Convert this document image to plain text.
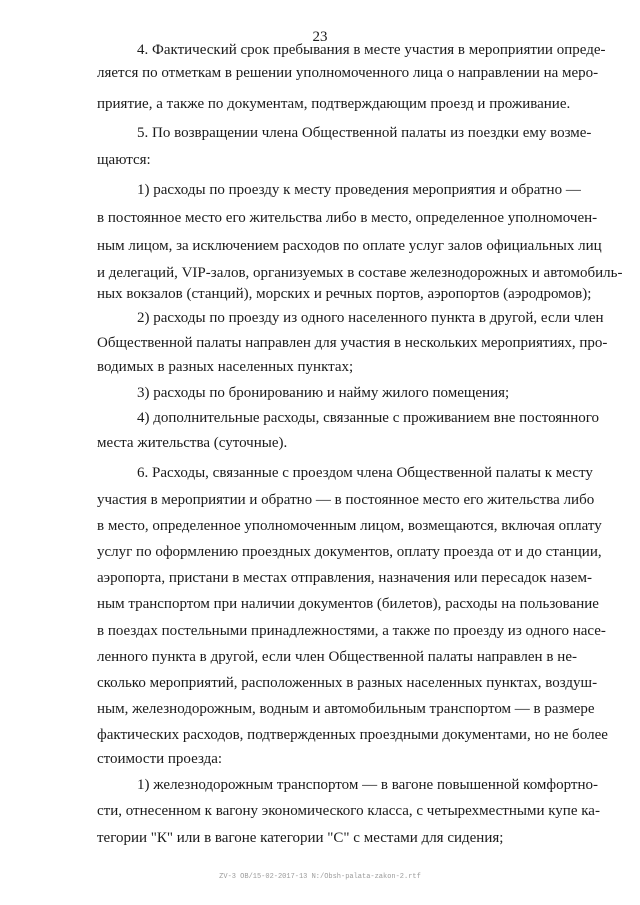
23
4. Фактический срок пребывания в месте участия в мероприятии опреде-
ляется по отметкам в решении уполномоченного лица о направлении на меро-
приятие, а также по документам, подтверждающим проезд и проживание.
5. По возвращении члена Общественной палаты из поездки ему возме-
щаются:
1) расходы по проезду к месту проведения мероприятия и обратно —
в постоянное место его жительства либо в место, определенное уполномочен-
ным лицом, за исключением расходов по оплате услуг залов официальных лиц
и делегаций, VIP-залов, организуемых в составе железнодорожных и автомобиль-
ных вокзалов (станций), морских и речных портов, аэропортов (аэродромов);
2) расходы по проезду из одного населенного пункта в другой, если член
Общественной палаты направлен для участия в нескольких мероприятиях, про-
водимых в разных населенных пунктах;
3) расходы по бронированию и найму жилого помещения;
4) дополнительные расходы, связанные с проживанием вне постоянного
места жительства (суточные).
6. Расходы, связанные с проездом члена Общественной палаты к месту
участия в мероприятии и обратно — в постоянное место его жительства либо
в место, определенное уполномоченным лицом, возмещаются, включая оплату
услуг по оформлению проездных документов, оплату проезда от и до станции,
аэропорта, пристани в местах отправления, назначения или пересадок назем-
ным транспортом при наличии документов (билетов), расходы на пользование
в поездах постельными принадлежностями, а также по проезду из одного насе-
ленного пункта в другой, если член Общественной палаты направлен в не-
сколько мероприятий, расположенных в разных населенных пунктах, воздуш-
ным, железнодорожным, водным и автомобильным транспортом — в размере
фактических расходов, подтвержденных проездными документами, но не более
стоимости проезда:
1) железнодорожным транспортом — в вагоне повышенной комфортно-
сти, отнесенном к вагону экономического класса, с четырехместными купе ка-
тегории "К" или в вагоне категории "С" с местами для сидения;
ZV-3 OB/15-02-2017-13 N:/Obsh-palata-zakon-2.rtf
